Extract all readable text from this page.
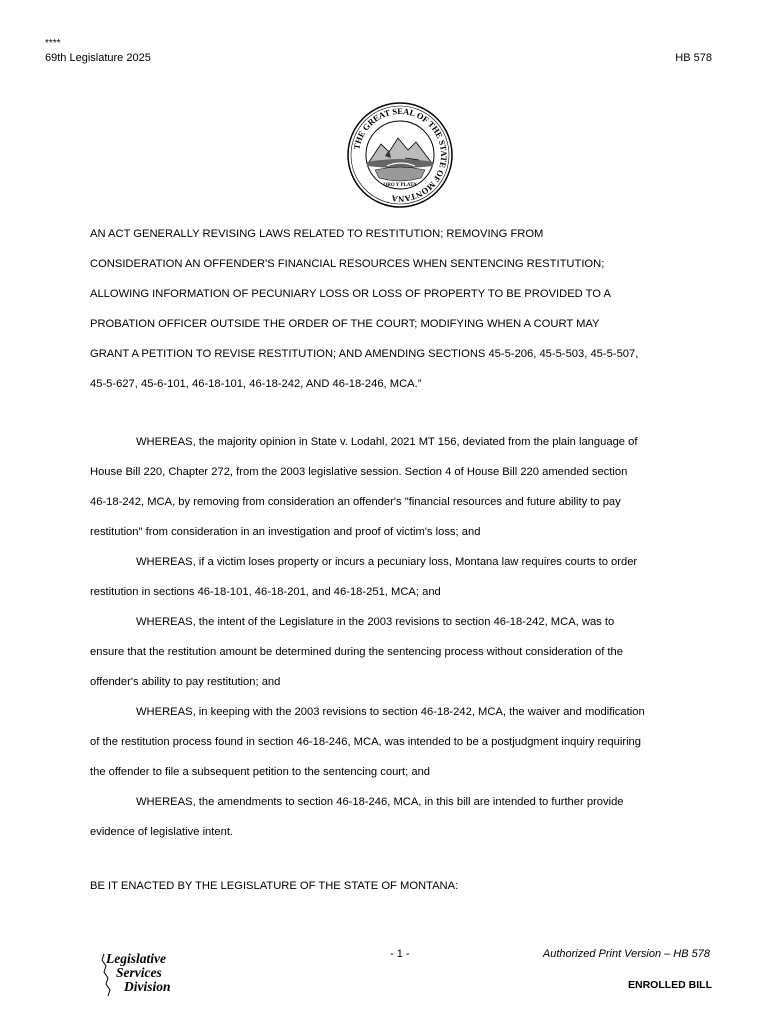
****
69th Legislature 2025	HB 578
THE GREAT SEAL OF THE STATE OF MONTANA
ORO Y PLATA
AN ACT GENERALLY REVISING LAWS RELATED TO RESTITUTION; REMOVING FROM
CONSIDERATION AN OFFENDER'S FINANCIAL RESOURCES WHEN SENTENCING RESTITUTION;
ALLOWING INFORMATION OF PECUNIARY LOSS OR LOSS OF PROPERTY TO BE PROVIDED TO A
PROBATION OFFICER OUTSIDE THE ORDER OF THE COURT; MODIFYING WHEN A COURT MAY
GRANT A PETITION TO REVISE RESTITUTION; AND AMENDING SECTIONS 45-5-206, 45-5-503, 45-5-507,
45-5-627, 45-6-101, 46-18-101, 46-18-242, AND 46-18-246, MCA.”
WHEREAS, the majority opinion in State v. Lodahl, 2021 MT 156, deviated from the plain language of
House Bill 220, Chapter 272, from the 2003 legislative session. Section 4 of House Bill 220 amended section
46-18-242, MCA, by removing from consideration an offender's "financial resources and future ability to pay
restitution" from consideration in an investigation and proof of victim's loss; and
WHEREAS, if a victim loses property or incurs a pecuniary loss, Montana law requires courts to order
restitution in sections 46-18-101, 46-18-201, and 46-18-251, MCA; and
WHEREAS, the intent of the Legislature in the 2003 revisions to section 46-18-242, MCA, was to
ensure that the restitution amount be determined during the sentencing process without consideration of the
offender's ability to pay restitution; and
WHEREAS, in keeping with the 2003 revisions to section 46-18-242, MCA, the waiver and modification
of the restitution process found in section 46-18-246, MCA, was intended to be a postjudgment inquiry requiring
the offender to file a subsequent petition to the sentencing court; and
WHEREAS, the amendments to section 46-18-246, MCA, in this bill are intended to further provide
evidence of legislative intent.
BE IT ENACTED BY THE LEGISLATURE OF THE STATE OF MONTANA:
Legislative
Services
Division
- 1 -	Authorized Print Version – HB 578
ENROLLED BILL
